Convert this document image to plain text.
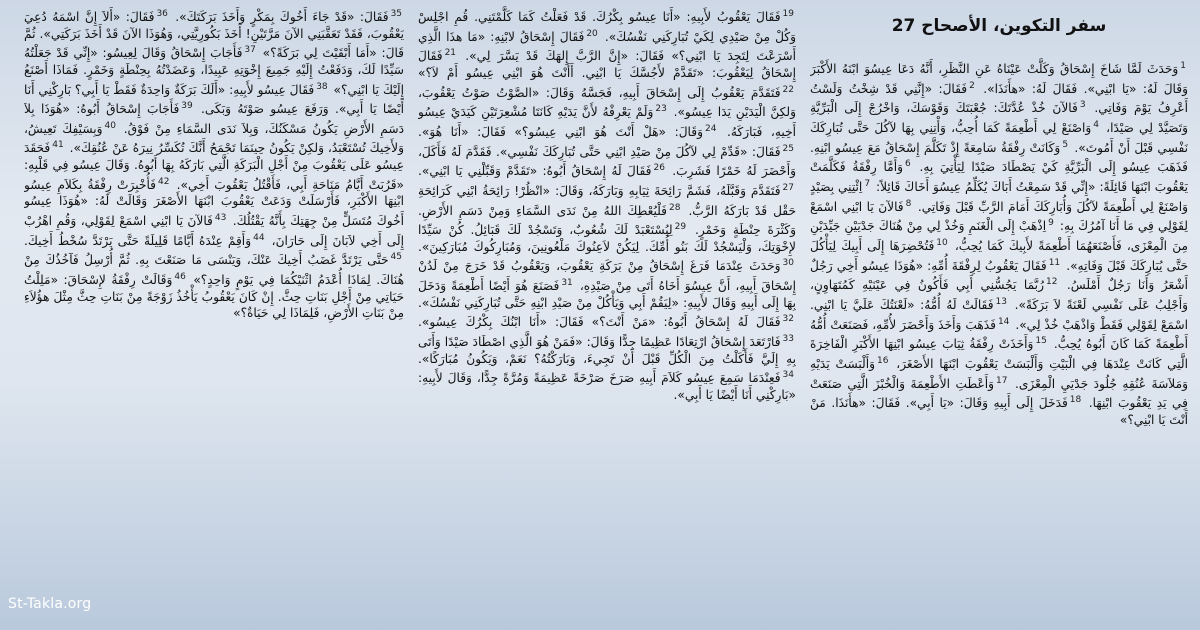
سفر التكوين، الأصحاح 27
$^1$وَحَدَثَ لَمَّا شَاخَ إِسْحَاقُ وَكَلَّتْ عَيْنَاهُ عَنِ النَّظَرِ، أَنَّهُ دَعَا عِيسُوَ ابْنَهُ الأَكْبَرَ وَقَالَ لَهُ: «يَا ابْنِي». فَقَالَ لَهُ: «هأَنَذَا». $^2$فَقَالَ: «إِنَّنِي قَدْ شِخْتُ وَلَسْتُ أَعْرِفُ يَوْمَ وَفَاتِي. $^3$فَالآنَ خُذْ عُدَّتَكَ: جُعْبَتَكَ وَقَوْسَكَ، وَاخْرُجْ إِلَى الْبَرِّيَّةِ وَتَصَيَّدْ لِي صَيْدًا، $^4$وَاصْنَعْ لِي أَطْعِمَةً كَمَا أُحِبُّ، وَأْتِنِي بِهَا لآكُلَ حَتَّى تُبَارِكَكَ نَفْسِي قَبْلَ أَنْ أَمُوتَ». $^5$وَكَانَتْ رِفْقَةُ سَامِعَةً إِذْ تَكَلَّمَ إِسْحَاقُ مَعَ عِيسُو ابْنِهِ. فَذَهَبَ عِيسُو إِلَى الْبَرِّيَّةِ كَيْ يَصْطَادَ صَيْدًا لِيَأْتِيَ بِهِ. $^6$وَأَمَّا رِفْقَةُ فَكَلَّمَتْ يَعْقُوبَ ابْنَهَا قَائِلَةً: «إِنِّي قَدْ سَمِعْتُ أَبَاكَ يُكَلِّمُ عِيسُوَ أَخَاكَ قَائِلاً: $^7$اِئْتِنِي بِصَيْدٍ وَاصْنَعْ لِي أَطْعِمَةً لآكُلَ وَأُبَارِكَكَ أَمَامَ الرَّبِّ قَبْلَ وَفَاتِي. $^8$فَالآنَ يَا ابْنِي اسْمَعْ لِقَوْلِي فِي مَا أَنَا آمُرُكَ بِهِ: $^9$اِذْهَبْ إِلَى الْغَنَمِ وَخُذْ لِي مِنْ هُنَاكَ جَدْيَيْنِ جَيِّدَيْنِ مِنَ الْمِعْزَى، فَأَصْنَعَهُمَا أَطْعِمَةً لأَبِيكَ كَمَا يُحِبُّ، $^{10}$فَتُحْضِرَهَا إِلَى أَبِيكَ لِيَأْكُلَ حَتَّى يُبَارِكَكَ قَبْلَ وَفَاتِهِ». $^{11}$فَقَالَ يَعْقُوبُ لِرِفْقَةَ أُمِّهِ: «هُوَذَا عِيسُو أَخِي رَجُلٌ أَشْعَرُ وَأَنَا رَجُلٌ أَمْلَسُ. $^{12}$رُبَّمَا يَجُسُّنِي أَبِي فَأَكُونُ فِي عَيْنَيْهِ كَمُتَهَاوِنٍ، وَأَجْلِبُ عَلَى نَفْسِي لَعْنَةً لاَ بَرَكَةً». $^{13}$فَقَالَتْ لَهُ أُمُّهُ: «لَعْنَتُكَ عَلَيَّ يَا ابْنِي. اسْمَعْ لِقَوْلِي فَقَطْ وَاذْهَبْ خُذْ لِي». $^{14}$فَذَهَبَ وَأَخَذَ وَأَحْضَرَ لأُمِّهِ، فَصَنَعَتْ أُمُّهُ أَطْعِمَةً كَمَا كَانَ أَبُوهُ يُحِبُّ. $^{15}$وَأَخَذَتْ رِفْقَةُ ثِيَابَ عِيسُو ابْنِهَا الأَكْبَرِ الْفَاخِرَةَ الَّتِي كَانَتْ عِنْدَهَا فِي الْبَيْتِ وَأَلْبَسَتْ يَعْقُوبَ ابْنَهَا الأَصْغَرَ، $^{16}$وَأَلْبَسَتْ يَدَيْهِ وَمَلاَسَةَ عُنُقِهِ جُلُودَ جَدْيَيِ الْمِعْزَى. $^{17}$وَأَعْطَتِ الأَطْعِمَةَ وَالْخُبْزَ الَّتِي صَنَعَتْ فِي يَدِ يَعْقُوبَ ابْنِهَا. $^{18}$فَدَخَلَ إِلَى أَبِيهِ وَقَالَ: «يَا أَبِي». فَقَالَ: «هأَنَذَا. مَنْ أَنْتَ يَا ابْنِي؟»
$^{19}$فَقَالَ يَعْقُوبُ لأَبِيهِ: «أَنَا عِيسُو بِكْرُكَ. قَدْ فَعَلْتُ كَمَا كَلَّمْتَنِي. قُمِ اجْلِسْ وَكُلْ مِنْ صَيْدِي لِكَيْ تُبَارِكَنِي نَفْسُكَ». $^{20}$فَقَالَ إِسْحَاقُ لابْنِهِ: «مَا هذَا الَّذِي أَسْرَعْتَ لِتَجِدَ يَا ابْنِي؟» فَقَالَ: «إِنَّ الرَّبَّ إِلهَكَ قَدْ يَسَّرَ لِي». $^{21}$فَقَالَ إِسْحَاقُ لِيَعْقُوبَ: «تَقَدَّمْ لأَجُسَّكَ يَا ابْنِي. أَأَنْتَ هُوَ ابْنِي عِيسُو أَمْ لاَ؟» $^{22}$فَتَقَدَّمَ يَعْقُوبُ إِلَى إِسْحَاقَ أَبِيهِ، فَجَسَّهُ وَقَالَ: «الصَّوْتُ صَوْتُ يَعْقُوبَ، وَلكِنَّ الْيَدَيْنِ يَدَا عِيسُو». $^{23}$وَلَمْ يَعْرِفْهُ لأَنَّ يَدَيْهِ كَانَتَا مُشْعِرَتَيْنِ كَيَدَيْ عِيسُو أَخِيهِ، فَبَارَكَهُ. $^{24}$وَقَالَ: «هَلْ أَنْتَ هُوَ ابْنِي عِيسُو؟» فَقَالَ: «أَنَا هُوَ». $^{25}$فَقَالَ: «قَدِّمْ لِي لآكُلَ مِنْ صَيْدِ ابْنِي حَتَّى تُبَارِكَكَ نَفْسِي». فَقَدَّمَ لَهُ فَأَكَلَ، وَأَحْضَرَ لَهُ خَمْرًا فَشَرِبَ. $^{26}$فَقَالَ لَهُ إِسْحَاقُ أَبُوهُ: «تَقَدَّمْ وَقَبِّلْنِي يَا ابْنِي». $^{27}$فَتَقَدَّمَ وَقَبَّلَهُ، فَشَمَّ رَائِحَةَ ثِيَابِهِ وَبَارَكَهُ، وَقَالَ: «انْظُرْ! رَائِحَةُ ابْنِي كَرَائِحَةِ حَقْل قَدْ بَارَكَهُ الرَّبُّ. $^{28}$فَلْيُعْطِكَ اللهُ مِنْ نَدَى السَّمَاءِ وَمِنْ دَسَمِ الأَرْضِ. وَكَثْرَةَ حِنْطَةٍ وَخَمْرٍ. $^{29}$لِيُسْتَعْبَدْ لَكَ شُعُوبٌ، وَتَسْجُدْ لَكَ قَبَائِلُ. كُنْ سَيِّدًا لإِخْوَتِكَ، وَلْيَسْجُدْ لَكَ بَنُو أُمِّكَ. لِيَكُنْ لاَعِنُوكَ مَلْعُونِينَ، وَمُبَارِكُوكَ مُبَارَكِينَ». $^{30}$وَحَدَثَ عِنْدَمَا فَرَغَ إِسْحَاقُ مِنْ بَرَكَةِ يَعْقُوبَ، وَيَعْقُوبُ قَدْ خَرَجَ مِنْ لَدُنْ إِسْحَاقَ أَبِيهِ، أَنَّ عِيسُوَ أَخَاهُ أَتَى مِنْ صَيْدِهِ، $^{31}$فَصَنَعَ هُوَ أَيْضًا أَطْعِمَةً وَدَخَلَ بِهَا إِلَى أَبِيهِ وَقَالَ لأَبِيهِ: «لِيَقُمْ أَبِي وَيَأْكُلْ مِنْ صَيْدِ ابْنِهِ حَتَّى تُبَارِكَنِي نَفْسُكَ». $^{32}$فَقَالَ لَهُ إِسْحَاقُ أَبُوهُ: «مَنْ أَنْتَ؟» فَقَالَ: «أَنَا ابْنُكَ بِكْرُكَ عِيسُو». $^{33}$فَارْتَعَدَ إِسْحَاقُ ارْتِعَادًا عَظِيمًا جِدًّا وَقَالَ: «فَمَنْ هُوَ الَّذِي اصْطَادَ صَيْدًا وَأَتَى بِهِ إِلَيَّ فَأَكَلْتُ مِنَ الْكُلِّ قَبْلَ أَنْ تَجِيءَ، وَبَارَكْتُهُ؟ نَعَمْ، وَيَكُونُ مُبَارَكًا». $^{34}$فَعِنْدَمَا سَمِعَ عِيسُو كَلاَمَ أَبِيهِ صَرَخَ صَرْخَةً عَظِيمَةً وَمُرَّةً جِدًّا، وَقَالَ لأَبِيهِ: «بَارِكْنِي أَنَا أَيْضًا يَا أَبِي».
$^{35}$فَقَالَ: «قَدْ جَاءَ أَخُوكَ بِمَكْرٍ وَأَخَذَ بَرَكَتَكَ». $^{36}$فَقَالَ: «أَلاَ إِنَّ اسْمَهُ دُعِيَ يَعْقُوبَ، فَقَدْ تَعَقَّبَنِي الآنَ مَرَّتَيْنِ! أَخَذَ بَكُورِيَّتِي، وَهُوَذَا الآنَ قَدْ أَخَذَ بَرَكَتِي». ثُمَّ قَالَ: «أَمَا أَبْقَيْتَ لِي بَرَكَةً؟» $^{37}$فَأَجَابَ إِسْحَاقُ وَقَالَ لِعِيسُو: «إِنِّي قَدْ جَعَلْتُهُ سَيِّدًا لَكَ، وَدَفَعْتُ إِلَيْهِ جَمِيعَ إِخْوَتِهِ عَبِيدًا، وَعَضَدْتُهُ بِحِنْطَةٍ وَخَمْرٍ. فَمَاذَا أَصْنَعُ إِلَيْكَ يَا ابْنِي؟» $^{38}$فَقَالَ عِيسُو لأَبِيهِ: «أَلَكَ بَرَكَةٌ وَاحِدَةٌ فَقَطْ يَا أَبِي؟ بَارِكْنِي أَنَا أَيْضًا يَا أَبِي». وَرَفَعَ عِيسُو صَوْتَهُ وَبَكَى. $^{39}$فَأَجَابَ إِسْحَاقُ أَبُوهُ: «هُوَذَا بِلاَ دَسَمِ الأَرْضِ يَكُونُ مَسْكَنُكَ، وَبِلاَ نَدَى السَّمَاءِ مِنْ فَوْقُ. $^{40}$وَبِسَيْفِكَ تَعِيشُ، وَلأَخِيكَ تُسْتَعْبَدُ، وَلكِنْ يَكُونُ حِينَمَا تَجْمَحُ أَنَّكَ تُكَسِّرُ نِيرَهُ عَنْ عُنُقِكَ». $^{41}$فَحَقَدَ عِيسُو عَلَى يَعْقُوبَ مِنْ أَجْلِ الْبَرَكَةِ الَّتِي بَارَكَهُ بِهَا أَبُوهُ. وَقَالَ عِيسُو فِي قَلْبِهِ: «قَرُبَتْ أَيَّامُ مَنَاحَةِ أَبِي، فَأَقْتُلُ يَعْقُوبَ أَخِي». $^{42}$فَأُخْبِرَتْ رِفْقَةُ بِكَلاَمِ عِيسُو ابْنِهَا الأَكْبَرِ، فَأَرْسَلَتْ وَدَعَتْ يَعْقُوبَ ابْنَهَا الأَصْغَرَ وَقَالَتْ لَهُ: «هُوَذَا عِيسُو أَخُوكَ مُتَسَلٍّ مِنْ جِهَتِكَ بِأَنَّهُ يَقْتُلُكَ. $^{43}$فَالآنَ يَا ابْنِي اسْمَعْ لِقَوْلِي، وَقُمِ اهْرُبْ إِلَى أَخِي لاَبَانَ إِلَى حَارَانَ، $^{44}$وَأَقِمْ عِنْدَهُ أَيَّامًا قَلِيلَةً حَتَّى يَرْتَدَّ سُخْطُ أَخِيكَ. $^{45}$حَتَّى يَرْتَدَّ غَضَبُ أَخِيكَ عَنْكَ، وَيَنْسَى مَا صَنَعْتَ بِهِ. ثُمَّ أُرْسِلُ فَآخُذُكَ مِنْ هُنَاكَ. لِمَاذَا أُعْدَمُ اثْنَيْكُمَا فِي يَوْمٍ وَاحِدٍ؟» $^{46}$وَقَالَتْ رِفْقَةُ لإِسْحَاقَ: «مَلِلْتُ حَيَاتِي مِنْ أَجْلِ بَنَاتِ حِثَّ. إِنْ كَانَ يَعْقُوبُ يَأْخُذُ زَوْجَةً مِنْ بَنَاتِ حِثَّ مِثْلَ هؤُلاَءِ مِنْ بَنَاتِ الأَرْضِ، فَلِمَاذَا لِي حَيَاةٌ؟»
St-Takla.org
